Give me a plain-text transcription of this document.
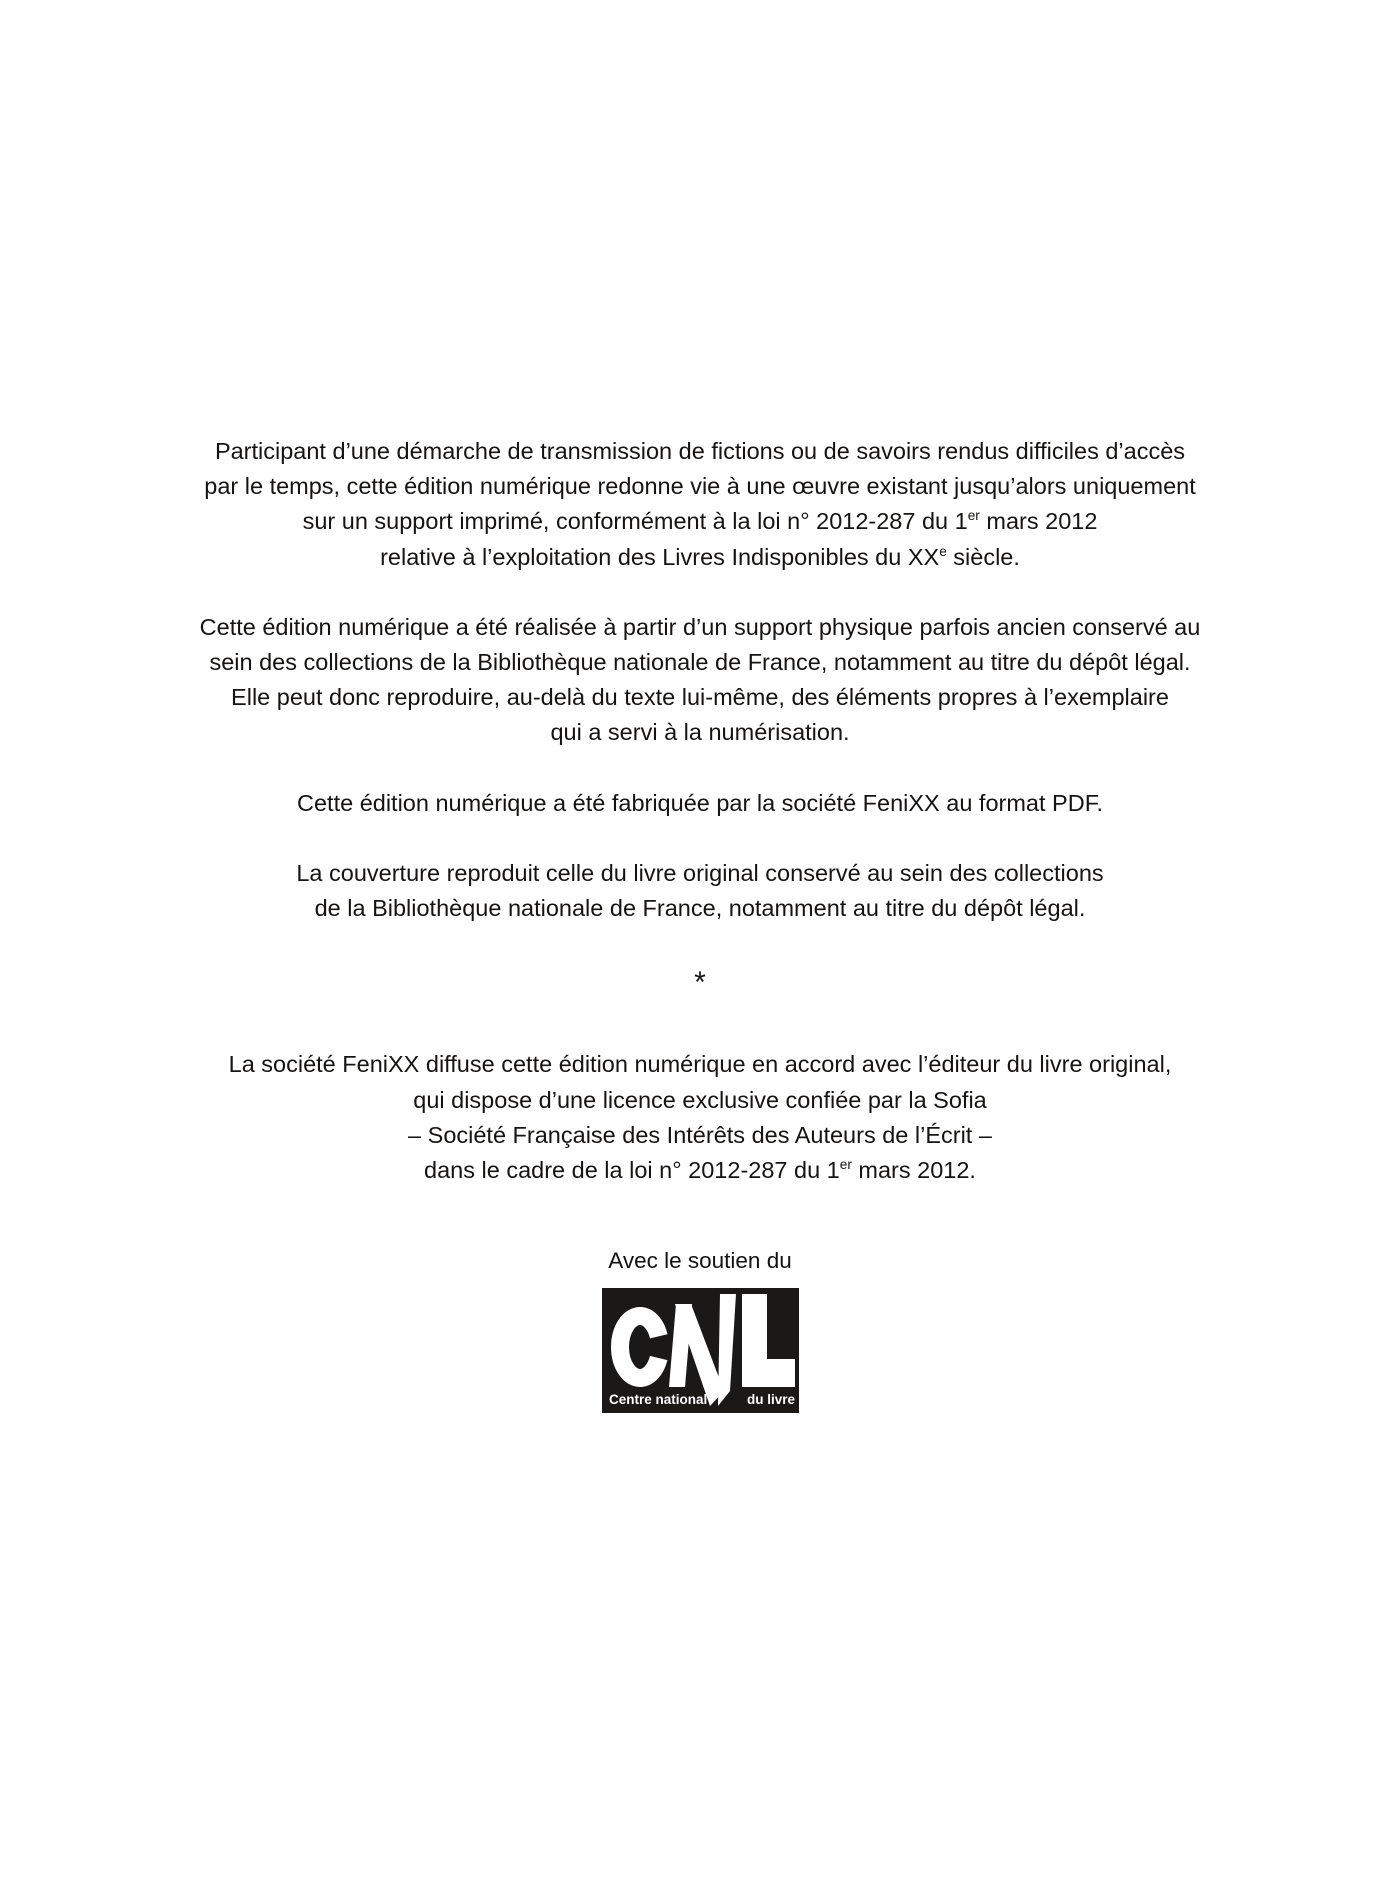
Participant d’une démarche de transmission de fictions ou de savoirs rendus difficiles d’accès
par le temps, cette édition numérique redonne vie à une œuvre existant jusqu’alors uniquement
sur un support imprimé, conformément à la loi n° 2012-287 du 1er mars 2012
relative à l’exploitation des Livres Indisponibles du XXe siècle.

Cette édition numérique a été réalisée à partir d’un support physique parfois ancien conservé au
sein des collections de la Bibliothèque nationale de France, notamment au titre du dépôt légal.
Elle peut donc reproduire, au-delà du texte lui-même, des éléments propres à l’exemplaire
qui a servi à la numérisation.

Cette édition numérique a été fabriquée par la société FeniXX au format PDF.

La couverture reproduit celle du livre original conservé au sein des collections
de la Bibliothèque nationale de France, notamment au titre du dépôt légal.

*

La société FeniXX diffuse cette édition numérique en accord avec l’éditeur du livre original,
qui dispose d’une licence exclusive confiée par la Sofia
– Société Française des Intérêts des Auteurs de l’Écrit –
dans le cadre de la loi n° 2012-287 du 1er mars 2012.

Avec le soutien du
Centre national	du livre
